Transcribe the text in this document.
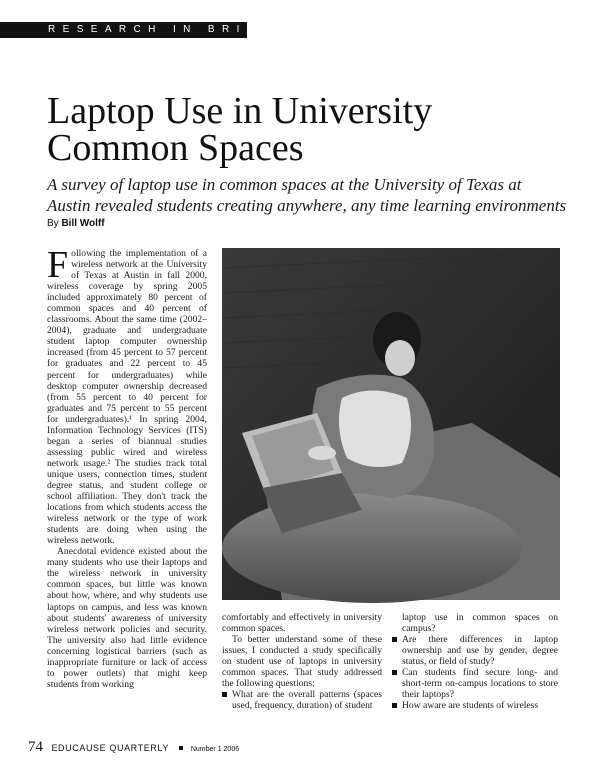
RESEARCH IN BRIEF
Laptop Use in University
Common Spaces

A survey of laptop use in common spaces at the University of Texas at Austin revealed students creating anywhere, any time learning environments

By Bill Wolff

Following the implementation of a wireless network at the University of Texas at Austin in fall 2000, wireless coverage by spring 2005 included approximately 80 percent of common spaces and 40 percent of classrooms. About the same time (2002–2004), graduate and undergraduate student laptop computer ownership increased (from 45 percent to 57 percent for graduates and 22 percent to 45 percent for undergraduates) while desktop computer ownership decreased (from 55 percent to 40 percent for graduates and 75 percent to 55 percent for undergraduates).¹ In spring 2004, Information Technology Services (ITS) began a series of biannual studies assessing public wired and wireless network usage.² The studies track total unique users, connection times, student degree status, and student college or school affiliation. They don't track the locations from which students access the wireless network or the type of work students are doing when using the wireless network.

Anecdotal evidence existed about the many students who use their laptops and the wireless network in university common spaces, but little was known about how, where, and why students use laptops on campus, and less was known about students' awareness of university wireless network policies and security. The university also had little evidence concerning logistical barriers (such as inappropriate furniture or lack of access to power outlets) that might keep students from working

comfortably and effectively in university common spaces.

To better understand some of these issues, I conducted a study specifically on student use of laptops in university common spaces. That study addressed the following questions:

What are the overall patterns (spaces used, frequency, duration) of student

laptop use in common spaces on campus?

Are there differences in laptop ownership and use by gender, degree status, or field of study?
Can students find secure long- and short-term on-campus locations to store their laptops?
How aware are students of wireless
74 EDUCAUSE QUARTERLY	Number 1 2006
